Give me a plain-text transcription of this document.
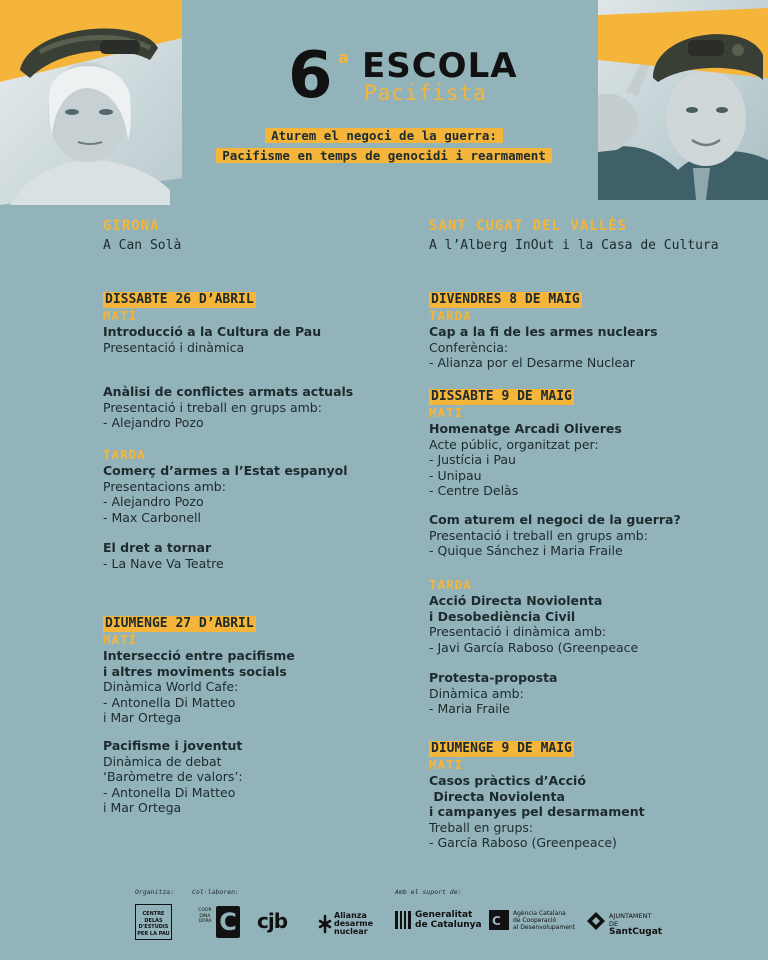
6 a ESCOLA
Pacifista
Aturem el negoci de la guerra:
Pacifisme en temps de genocidi i rearmament
GIRONA
A Can Solà
DISSABTE 26 D’ABRIL
MATÍ
Introducció a la Cultura de Pau
Presentació i dinàmica
Anàlisi de conflictes armats actuals
Presentació i treball en grups amb:
- Alejandro Pozo
TARDA
Comerç d’armes a l’Estat espanyol
Presentacions amb:
- Alejandro Pozo
- Max Carbonell
El dret a tornar
- La Nave Va Teatre
DIUMENGE 27 D’ABRIL
MATÍ
Intersecció entre pacifisme
i altres moviments socials
Dinàmica World Cafe:
- Antonella Di Matteo
i Mar Ortega
Pacifisme i joventut
Dinàmica de debat
‘Baròmetre de valors’:
- Antonella Di Matteo
i Mar Ortega
SANT CUGAT DEL VALLÈS
A l’Alberg InOut i la Casa de Cultura
DIVENDRES 8 DE MAIG
TARDA
Cap a la fi de les armes nuclears
Conferència:
- Alianza por el Desarme Nuclear
DISSABTE 9 DE MAIG
MATÍ
Homenatge Arcadi Oliveres
Acte públic, organitzat per:
- Justícia i Pau
- Unipau
- Centre Delàs
Com aturem el negoci de la guerra?
Presentació i treball en grups amb:
- Quique Sánchez i Maria Fraile
TARDA
Acció Directa Noviolenta
i Desobediència Civil
Presentació i dinàmica amb:
- Javi García Raboso (Greenpeace
Protesta-proposta
Dinàmica amb:
- Maria Fraile
DIUMENGE 9 DE MAIG
MATÍ
Casos pràctics d’Acció
Directa Noviolenta
i campanyes pel desarmament
Treball en grups:
- García Raboso (Greenpeace)
Organitza:	Col·laboren:	Amb el suport de:
CENTRE DELÀS
D'ESTUDIS
PER LA PAU
COOR
DINA
DORA C cjb	Alianza
desarme
nuclear
Generalitat
de Catalunya C
Agència Catalana
de Cooperació
al Desenvolupament
AJUNTAMENT DE
SantCugat
